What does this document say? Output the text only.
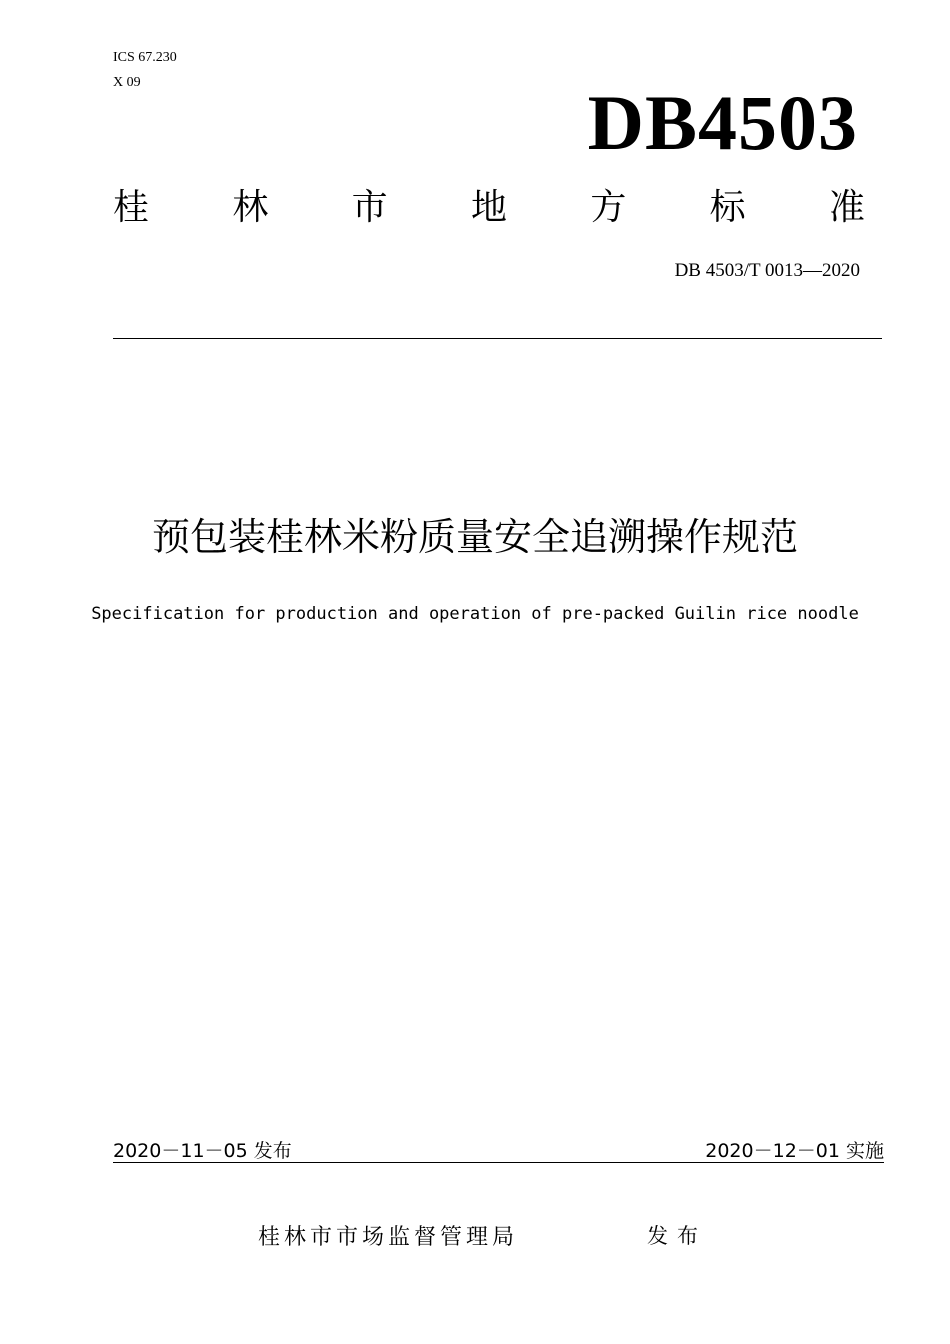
ICS 67.230
X 09	DB4503
桂 林 市 地 方 标 准
DB 4503/T 0013—2020
预包装桂林米粉质量安全追溯操作规范
Specification for production and operation of pre-packed Guilin rice noodle
2020－11－05 发布	2020－12－01 实施
桂林市市场监督管理局	发布
